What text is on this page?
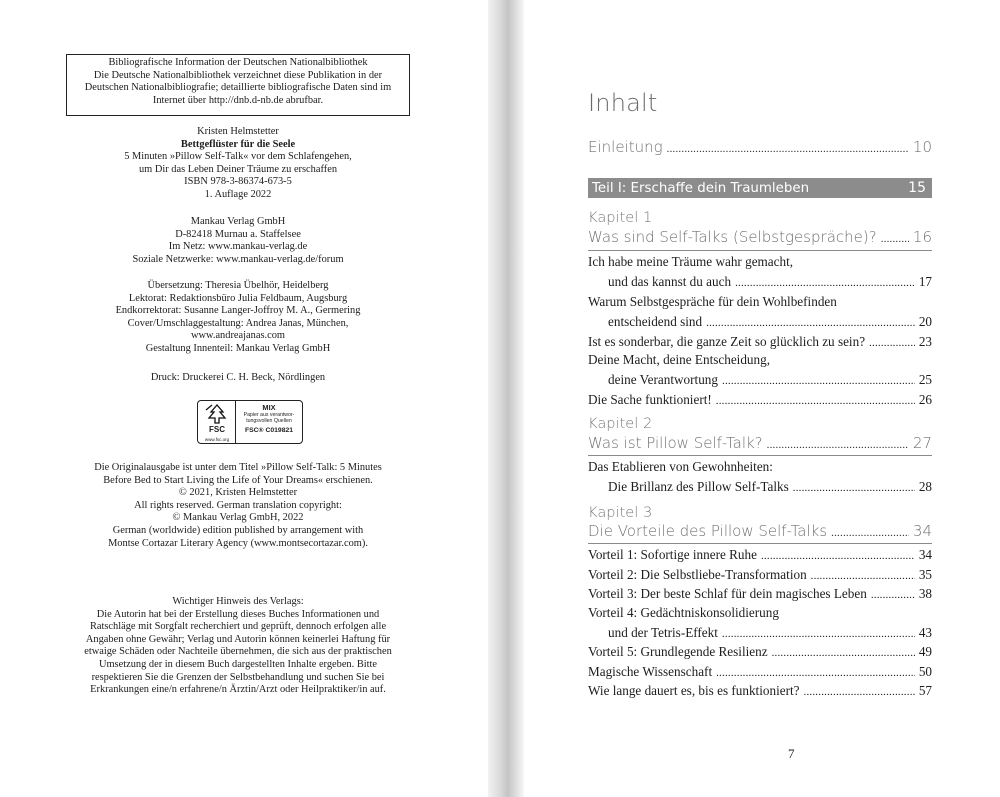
Bibliografische Information der Deutschen Nationalbibliothek
Die Deutsche Nationalbibliothek verzeichnet diese Publikation in der
Deutschen Nationalbibliografie; detaillierte bibliografische Daten sind im
Internet über http://dnb.d-nb.de abrufbar.
Kristen Helmstetter
Bettgeflüster für die Seele
5 Minuten »Pillow Self-Talk« vor dem Schlafengehen,
um Dir das Leben Deiner Träume zu erschaffen
ISBN 978-3-86374-673-5
1. Auflage 2022
Mankau Verlag GmbH
D-82418 Murnau a. Staffelsee
Im Netz: www.mankau-verlag.de
Soziale Netzwerke: www.mankau-verlag.de/forum
Übersetzung: Theresia Übelhör, Heidelberg
Lektorat: Redaktionsbüro Julia Feldbaum, Augsburg
Endkorrektorat: Susanne Langer-Joffroy M. A., Germering
Cover/Umschlaggestaltung: Andrea Janas, München,
www.andreajanas.com
Gestaltung Innenteil: Mankau Verlag GmbH
Druck: Druckerei C. H. Beck, Nördlingen
FSC
www.fsc.org
MIX
Papier aus verantwor-
tungsvollen Quellen
FSC® C019821
Die Originalausgabe ist unter dem Titel »Pillow Self-Talk: 5 Minutes
Before Bed to Start Living the Life of Your Dreams« erschienen.
© 2021, Kristen Helmstetter
All rights reserved. German translation copyright:
© Mankau Verlag GmbH, 2022
German (worldwide) edition published by arrangement with
Montse Cortazar Literary Agency (www.montsecortazar.com).
Wichtiger Hinweis des Verlags:
Die Autorin hat bei der Erstellung dieses Buches Informationen und
Ratschläge mit Sorgfalt recherchiert und geprüft, dennoch erfolgen alle
Angaben ohne Gewähr; Verlag und Autorin können keinerlei Haftung für
etwaige Schäden oder Nachteile übernehmen, die sich aus der praktischen
Umsetzung der in diesem Buch dargestellten Inhalte ergeben. Bitte
respektieren Sie die Grenzen der Selbstbehandlung und suchen Sie bei
Erkrankungen eine/n erfahrene/n Ärztin/Arzt oder Heilpraktiker/in auf.
Inhalt
Einleitung .....	10
Teil I: Erschaffe dein Traumleben	15
Kapitel 1
Was sind Self-Talks (Selbstgespräche)? ..... 16
Ich habe meine Träume wahr gemacht,
und das kannst du auch .....	17
Warum Selbstgespräche für dein Wohlbefinden
entscheidend sind .....	20
Ist es sonderbar, die ganze Zeit so glücklich zu sein? .....	23
Deine Macht, deine Entscheidung,
deine Verantwortung .....	25
Die Sache funktioniert! .....	26
Kapitel 2
Was ist Pillow Self-Talk? .....	27
Das Etablieren von Gewohnheiten:
Die Brillanz des Pillow Self-Talks .....	28
Kapitel 3
Die Vorteile des Pillow Self-Talks .....	34
Vorteil 1: Sofortige innere Ruhe .....	34
Vorteil 2: Die Selbstliebe-Transformation .....	35
Vorteil 3: Der beste Schlaf für dein magisches Leben .....	38
Vorteil 4: Gedächtniskonsolidierung
und der Tetris-Effekt .....	43
Vorteil 5: Grundlegende Resilienz .....	49
Magische Wissenschaft .....	50
Wie lange dauert es, bis es funktioniert? .....	57
7
